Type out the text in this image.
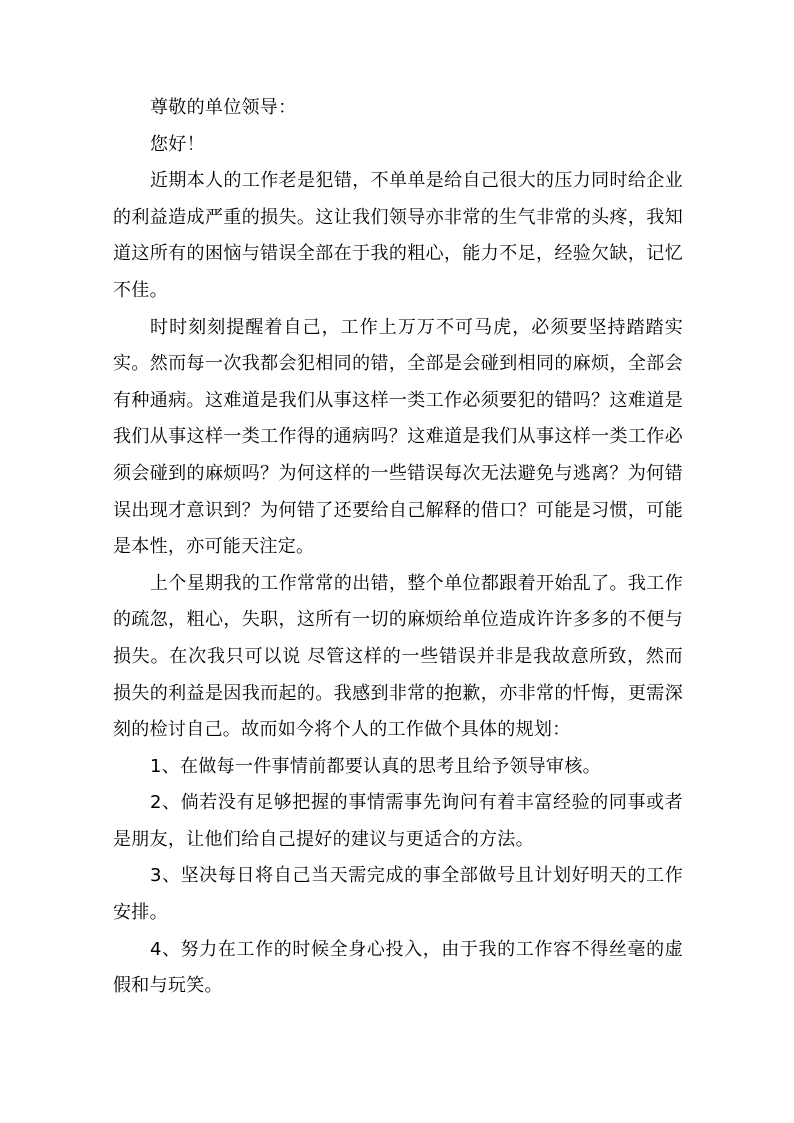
尊敬的单位领导：

您好！

近期本人的工作老是犯错，不单单是给自己很大的压力同时给企业的利益造成严重的损失。这让我们领导亦非常的生气非常的头疼，我知道这所有的困恼与错误全部在于我的粗心，能力不足，经验欠缺，记忆不佳。

时时刻刻提醒着自己，工作上万万不可马虎，必须要坚持踏踏实实。然而每一次我都会犯相同的错，全部是会碰到相同的麻烦，全部会有种通病。这难道是我们从事这样一类工作必须要犯的错吗？这难道是我们从事这样一类工作得的通病吗？这难道是我们从事这样一类工作必须会碰到的麻烦吗？为何这样的一些错误每次无法避免与逃离？为何错误出现才意识到？为何错了还要给自己解释的借口？可能是习惯，可能是本性，亦可能天注定。

上个星期我的工作常常的出错，整个单位都跟着开始乱了。我工作的疏忽，粗心，失职，这所有一切的麻烦给单位造成许许多多的不便与损失。在次我只可以说 尽管这样的一些错误并非是我故意所致，然而损失的利益是因我而起的。我感到非常的抱歉，亦非常的忏悔，更需深刻的检讨自己。故而如今将个人的工作做个具体的规划：

1、在做每一件事情前都要认真的思考且给予领导审核。

2、倘若没有足够把握的事情需事先询问有着丰富经验的同事或者是朋友，让他们给自己提好的建议与更适合的方法。

3、坚决每日将自己当天需完成的事全部做号且计划好明天的工作安排。

4、努力在工作的时候全身心投入，由于我的工作容不得丝毫的虚假和与玩笑。
